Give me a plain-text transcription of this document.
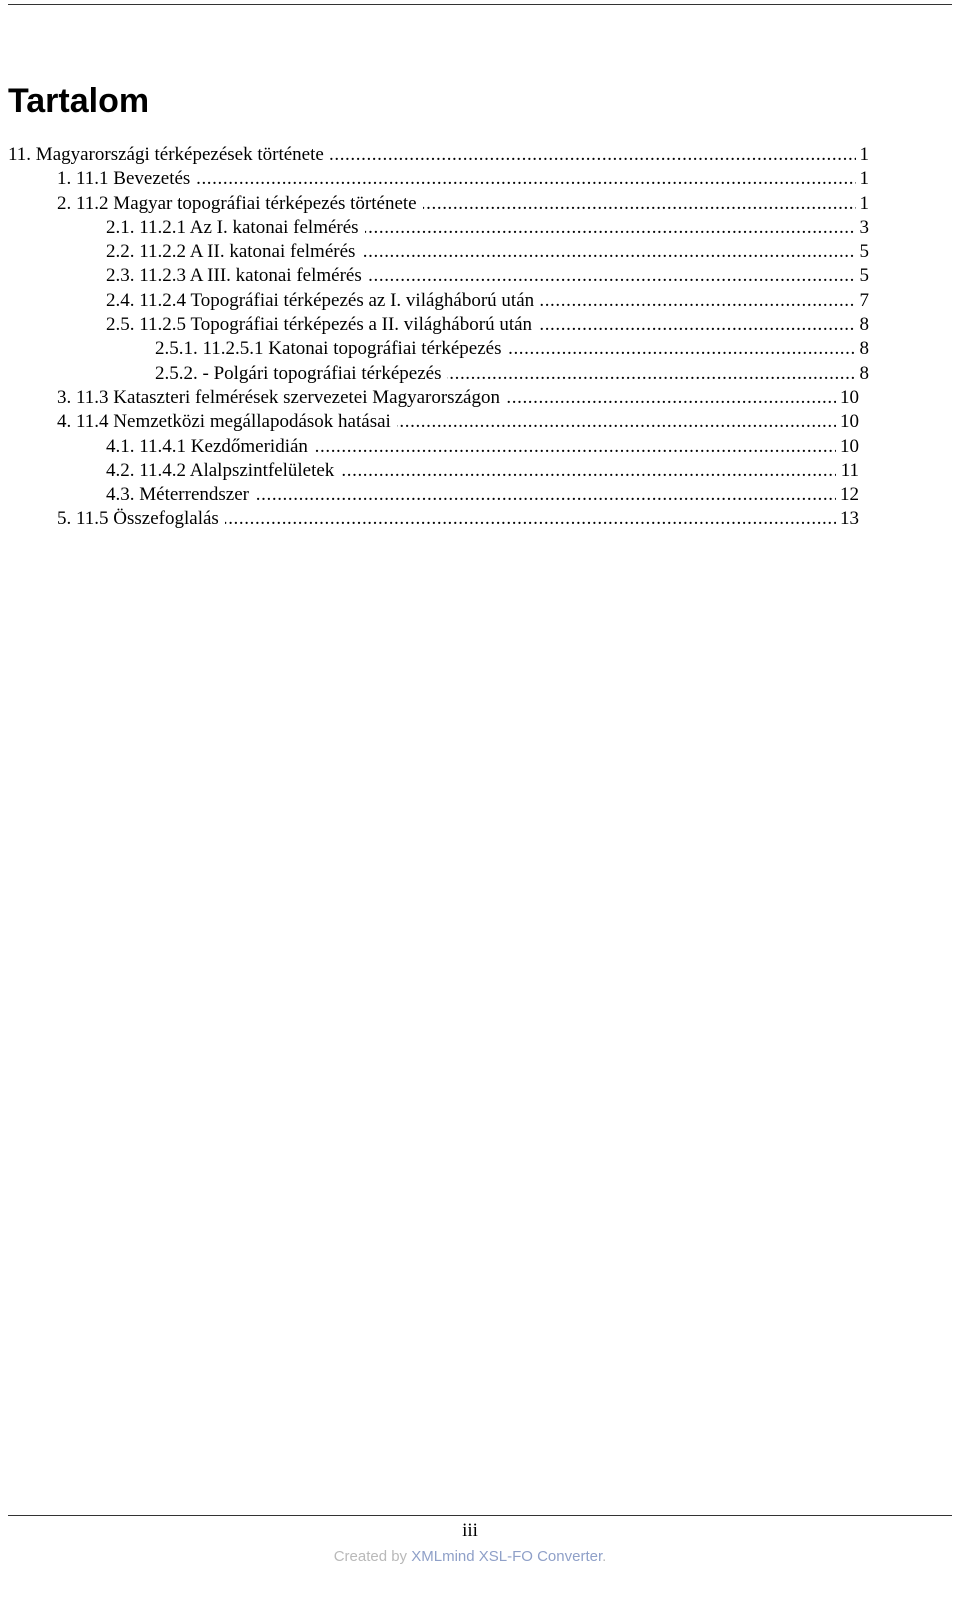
Tartalom
11. Magyarországi térképezések története .....	1
1. 11.1 Bevezetés .....	1
2. 11.2 Magyar topográfiai térképezés története .....	1
2.1. 11.2.1 Az I. katonai felmérés .....	3
2.2. 11.2.2 A II. katonai felmérés .....	5
2.3. 11.2.3 A III. katonai felmérés .....	5
2.4. 11.2.4 Topográfiai térképezés az I. világháború után .....	7
2.5. 11.2.5 Topográfiai térképezés a II. világháború után .....	8
2.5.1. 11.2.5.1 Katonai topográfiai térképezés .....	8
2.5.2. - Polgári topográfiai térképezés .....	8
3. 11.3 Kataszteri felmérések szervezetei Magyarországon .....	10
4. 11.4 Nemzetközi megállapodások hatásai .....	10
4.1. 11.4.1 Kezdőmeridián .....	10
4.2. 11.4.2 Alalpszintfelületek .....	11
4.3. Méterrendszer .....	12
5. 11.5 Összefoglalás .....	13
iii
Created by XMLmind XSL-FO Converter.
